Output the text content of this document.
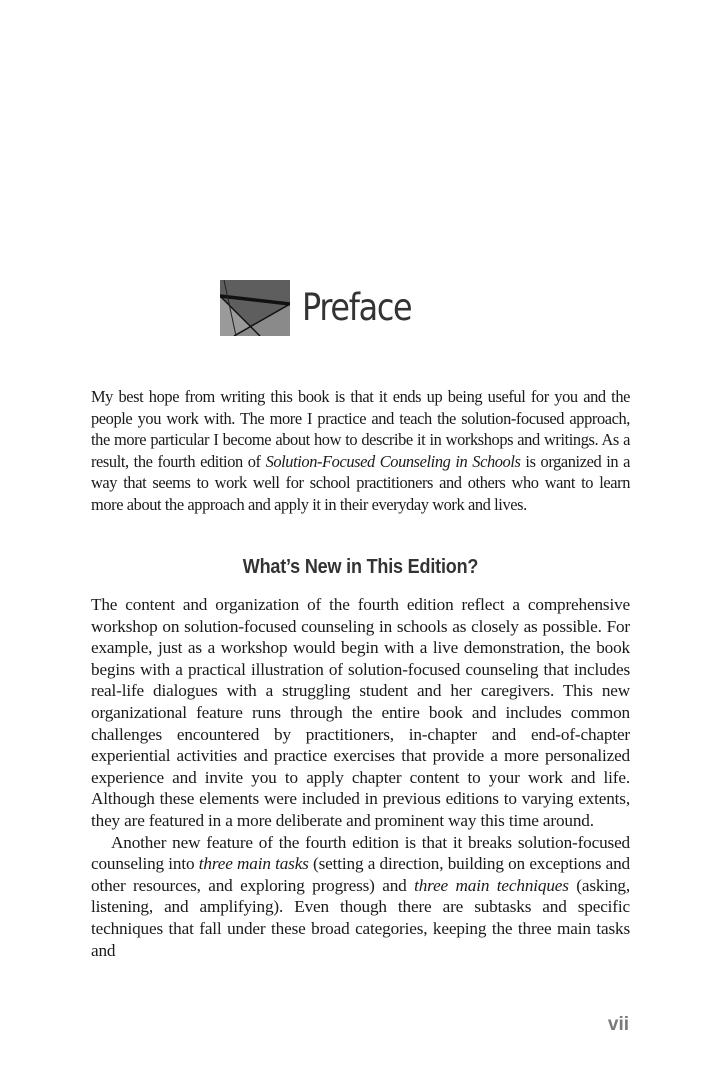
Preface

My best hope from writing this book is that it ends up being useful for you and the people you work with. The more I practice and teach the solution-focused approach, the more particular I become about how to describe it in workshops and writings. As a result, the fourth edition of Solution-Focused Counseling in Schools is organized in a way that seems to work well for school practitioners and others who want to learn more about the approach and apply it in their everyday work and lives.

What’s New in This Edition?

The content and organization of the fourth edition reflect a comprehensive workshop on solution-focused counseling in schools as closely as possible. For example, just as a workshop would begin with a live demonstration, the book begins with a practical illustration of solution-focused counseling that includes real-life dialogues with a struggling student and her caregivers. This new organizational feature runs through the entire book and includes common challenges encountered by practitioners, in-chapter and end-of-chapter experiential activities and practice exercises that provide a more personalized experience and invite you to apply chapter content to your work and life. Although these elements were included in previous editions to varying extents, they are featured in a more deliberate and prominent way this time around.

Another new feature of the fourth edition is that it breaks solution-focused counseling into three main tasks (setting a direction, building on exceptions and other resources, and exploring progress) and three main techniques (asking, listening, and amplifying). Even though there are subtasks and specific techniques that fall under these broad categories, keeping the three main tasks and

vii
